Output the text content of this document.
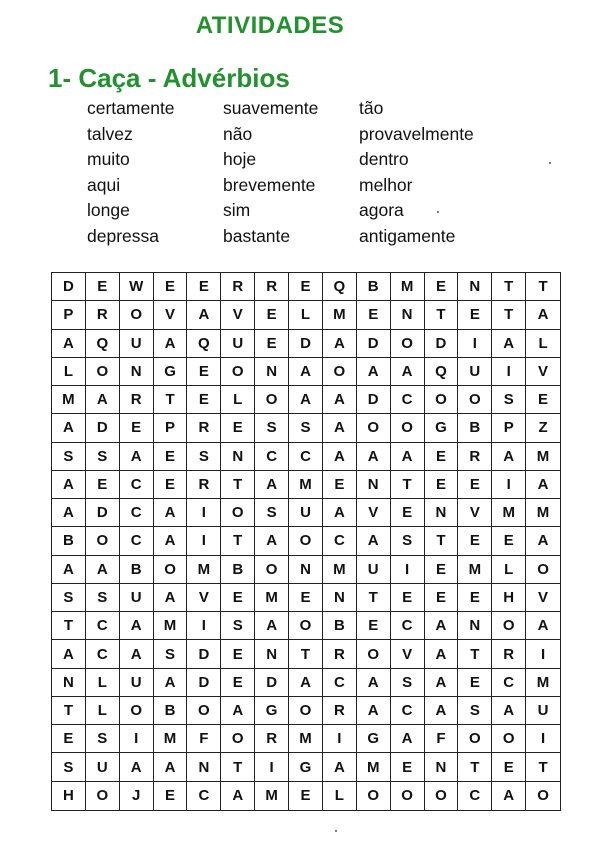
ATIVIDADES
1- Caça - Advérbios
certamente	suavemente	tão
talvez	não	provavelmente
muito	hoje	dentro
aqui	brevemente	melhor
longe	sim	agora
depressa	bastante	antigamente
D	E	W	E	E	R	R	E	Q	B	M	E	N	T	T
P	R	O	V	A	V	E	L	M	E	N	T	E	T	A
A	Q	U	A	Q	U	E	D	A	D	O	D	I	A	L
L	O	N	G	E	O	N	A	O	A	A	Q	U	I	V
M	A	R	T	E	L	O	A	A	D	C	O	O	S	E
A	D	E	P	R	E	S	S	A	O	O	G	B	P	Z
S	S	A	E	S	N	C	C	A	A	A	E	R	A	M
A	E	C	E	R	T	A	M	E	N	T	E	E	I	A
A	D	C	A	I	O	S	U	A	V	E	N	V	M	M
B	O	C	A	I	T	A	O	C	A	S	T	E	E	A
A	A	B	O	M	B	O	N	M	U	I	E	M	L	O
S	S	U	A	V	E	M	E	N	T	E	E	E	H	V
T	C	A	M	I	S	A	O	B	E	C	A	N	O	A
A	C	A	S	D	E	N	T	R	O	V	A	T	R	I
N	L	U	A	D	E	D	A	C	A	S	A	E	C	M
T	L	O	B	O	A	G	O	R	A	C	A	S	A	U
E	S	I	M	F	O	R	M	I	G	A	F	O	O	I
S	U	A	A	N	T	I	G	A	M	E	N	T	E	T
H	O	J	E	C	A	M	E	L	O	O	O	C	A	O
